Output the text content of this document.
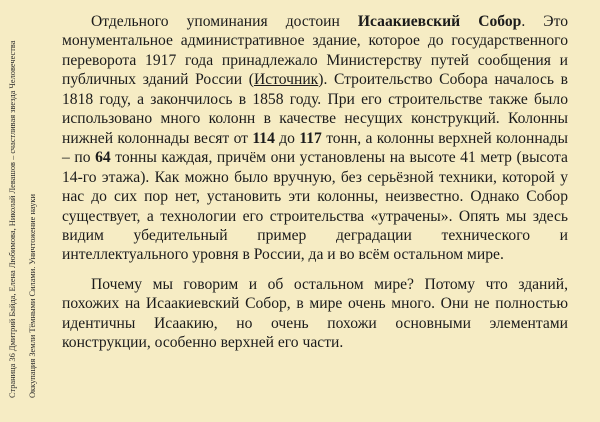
Страница 36 Дмитрий Байда, Елена Любимова, Николай Левашов – счастливая звезда Человечества Оккупация Земли Тёмными Силами. Уничтожение науки

Отдельного упоминания достоин Исаакиевский Собор. Это монументальное административное здание, которое до государственного переворота 1917 года принадлежало Министерству путей сообщения и публичных зданий России (Источник). Строительство Собора началось в 1818 году, а закончилось в 1858 году. При его строительстве также было использовано много колонн в качестве несущих конструкций. Колонны нижней колоннады весят от 114 до 117 тонн, а колонны верхней колоннады – по 64 тонны каждая, причём они установлены на высоте 41 метр (высота 14-го этажа). Как можно было вручную, без серьёзной техники, которой у нас до сих пор нет, установить эти колонны, неизвестно. Однако Собор существует, а технологии его строительства «утрачены». Опять мы здесь видим убедительный пример деградации технического и интеллектуального уровня в России, да и во всём остальном мире.

Почему мы говорим и об остальном мире? Потому что зданий, похожих на Исаакиевский Собор, в мире очень много. Они не полностью идентичны Исаакию, но очень похожи основными элементами конструкции, особенно верхней его части.
